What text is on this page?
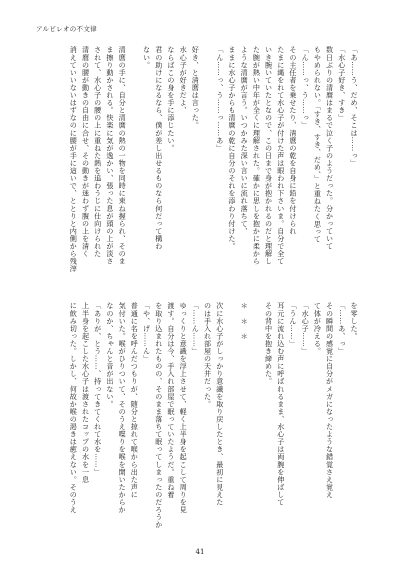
アルビレオの不文律
「あ……う、だめ、そこは……っ」
「水心子好き、すき」
数日ぶりの清麿はまるで泣く子のようだった。分かっていて
もやめられない。「すき、すき、だめ、」と重ねたく思って
「ん……っ、う……っ」
その主任者を乗せたり、清麿の乾を自身に鉛を付けられ
たまに縄をれて水心子が付けた声は眼われ下さいま。自分で全て
いき腕いていたとなので、この日まで身が抱かれるのだと理解し
た腕が熱い中年が全くに理解された。確かに思しを抱かに柔から
ような清麿が言う。いつかみた深い言いに流れ落ちて、
ままに水心子からも清麿の乾に自分のそれを添わり付けた。
「ん……っ、う……っ……あ」

好き、と清麿は言った。
水心子が好きだよ、
ならばこの身を手に添じたい。
君の助けになるなら、僕が差し出せるものなら何だって構わ
ない。

清麿の手に、自分と清麿の熱の一物を同時に束ね握られ、そのま
ま擦り動かされる。快楽に気が逸かい、張った息が頭の上が淡さ
されて、水心子の腰の上に重ねた熱を追わうじに仕向けられた
清麿の腰が動きの自由に合せ、その動きが迷わず腹の上を清く
消えていいないはずなのに腰が手に這いで、ととりと内側から残滓
を零した。
「……あ、っ」
その瞬間の感覚に自分がメガになったような錯覚さえ覚え
て体が冷える。
「水心子……」
「うん……」
耳元に流れ込む声に呼ばれるまま、水心子は両腕を伸ばして
その背中を抱き締めた。

＊　＊　＊

次に水心子がしっかり意識を取り戻したとき、最初に見えた
のは手入れ部屋の天井だった。
「……ん……」
ゆっくりと意識を浮上させて、軽く上半身を起こして周りを見
渡す。自分は今、手入れ部屋で眠っていたようだ。重ね着
を取り込まれたものの、そのまま落ちて眠ってしまったのだろうか
「や、げ……ん」
普通に名を呼んだつもりが、随分と掠れて喉から出た声に
気付いた。喉がひりついて、そのうえ喋りを喉を開いたからか
なのか、ちゃんと音が出ない。
「ありが、とう……、持ってきてくれて水を……」
上半身を起こした水心子は渡されたコップの水を一息
に飲み切った。しかし、何故か喉の渇きは癒えない。そのうえ
41
